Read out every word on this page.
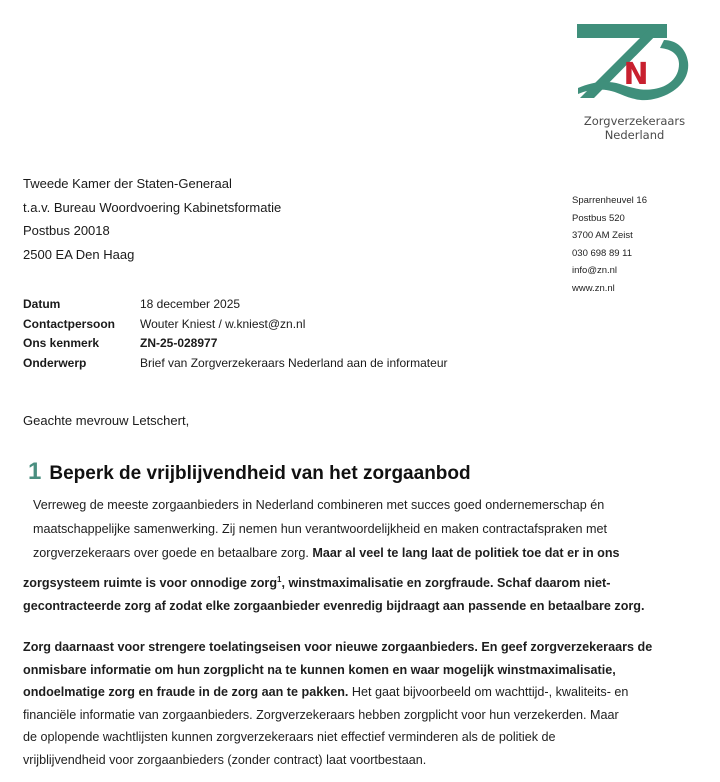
N
Zorgverzekeraars
Nederland
Tweede Kamer der Staten-Generaal
t.a.v. Bureau Woordvoering Kabinetsformatie
Postbus 20018
2500 EA Den Haag
Sparrenheuvel 16
Postbus 520
3700 AM Zeist
030 698 89 11
info@zn.nl
www.zn.nl
Datum	18 december 2025
Contactpersoon	Wouter Kniest / w.kniest@zn.nl
Ons kenmerk	ZN-25-028977
Onderwerp	Brief van Zorgverzekeraars Nederland aan de informateur
Geachte mevrouw Letschert,
1 Beperk de vrijblijvendheid van het zorgaanbod
Verreweg de meeste zorgaanbieders in Nederland combineren met succes goed ondernemerschap én
maatschappelijke samenwerking. Zij nemen hun verantwoordelijkheid en maken contractafspraken met
zorgverzekeraars over goede en betaalbare zorg. Maar al veel te lang laat de politiek toe dat er in ons
zorgsysteem ruimte is voor onnodige zorg$^1$, winstmaximalisatie en zorgfraude. Schaf daarom niet-
gecontracteerde zorg af zodat elke zorgaanbieder evenredig bijdraagt aan passende en betaalbare zorg.
Zorg daarnaast voor strengere toelatingseisen voor nieuwe zorgaanbieders. En geef zorgverzekeraars de
onmisbare informatie om hun zorgplicht na te kunnen komen en waar mogelijk winstmaximalisatie,
ondoelmatige zorg en fraude in de zorg aan te pakken. Het gaat bijvoorbeeld om wachttijd-, kwaliteits- en
financiële informatie van zorgaanbieders. Zorgverzekeraars hebben zorgplicht voor hun verzekerden. Maar
de oplopende wachtlijsten kunnen zorgverzekeraars niet effectief verminderen als de politiek de
vrijblijvendheid voor zorgaanbieders (zonder contract) laat voortbestaan.
